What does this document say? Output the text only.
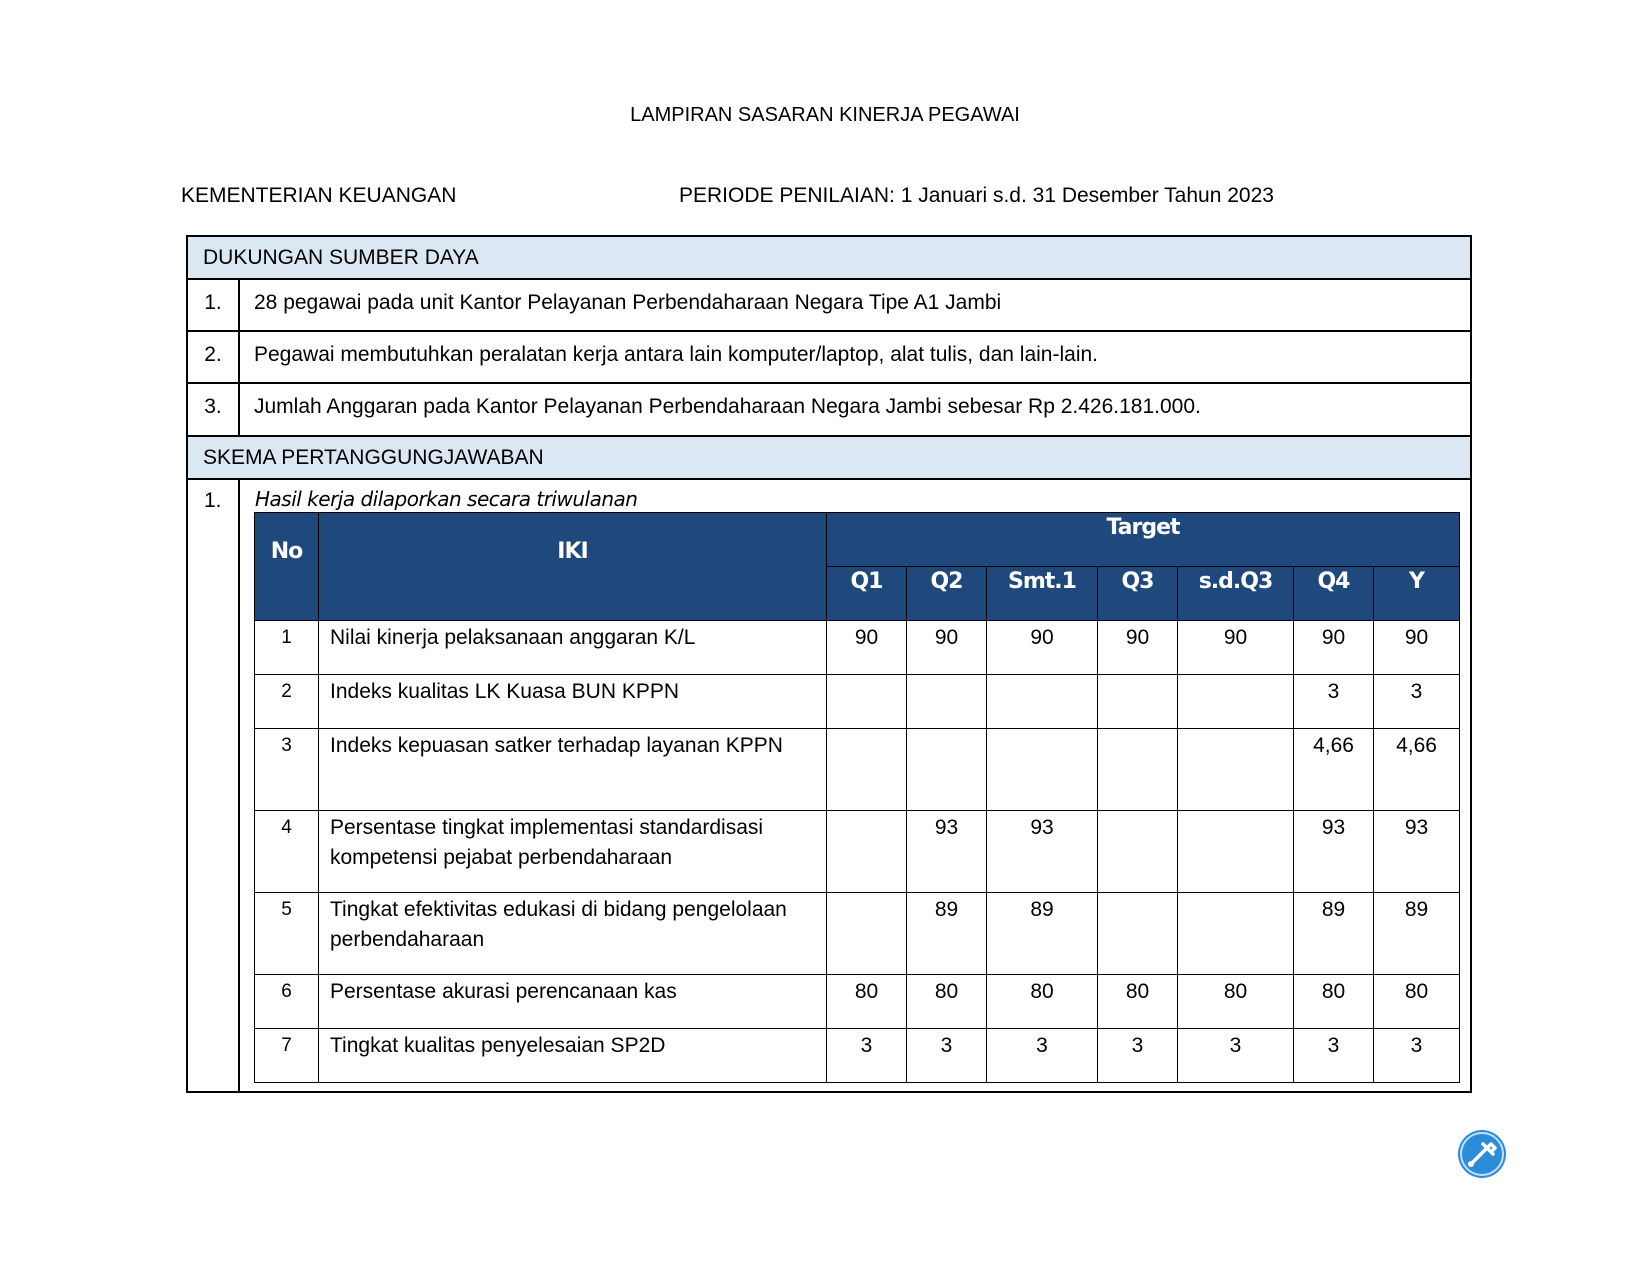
LAMPIRAN SASARAN KINERJA PEGAWAI
KEMENTERIAN KEUANGAN	PERIODE PENILAIAN: 1 Januari s.d. 31 Desember Tahun 2023
DUKUNGAN SUMBER DAYA
1.	28 pegawai pada unit Kantor Pelayanan Perbendaharaan Negara Tipe A1 Jambi
2.	Pegawai membutuhkan peralatan kerja antara lain komputer/laptop, alat tulis, dan lain-lain.
3.	Jumlah Anggaran pada Kantor Pelayanan Perbendaharaan Negara Jambi sebesar Rp 2.426.181.000.
SKEMA PERTANGGUNGJAWABAN
1. Hasil kerja dilaporkan secara triwulanan
No	IKI	Target						
		Q1	Q2	Smt.1	Q3	s.d.Q3	Q4	Y
1	Nilai kinerja pelaksanaan anggaran K/L	90	90	90	90	90	90	90
2	Indeks kualitas LK Kuasa BUN KPPN						3	3
3	Indeks kepuasan satker terhadap layanan KPPN						4,66	4,66
4	Persentase tingkat implementasi standardisasi kompetensi pejabat perbendaharaan		93	93			93	93
5	Tingkat efektivitas edukasi di bidang pengelolaan perbendaharaan		89	89			89	89
6	Persentase akurasi perencanaan kas	80	80	80	80	80	80	80
7	Tingkat kualitas penyelesaian SP2D	3	3	3	3	3	3	3
